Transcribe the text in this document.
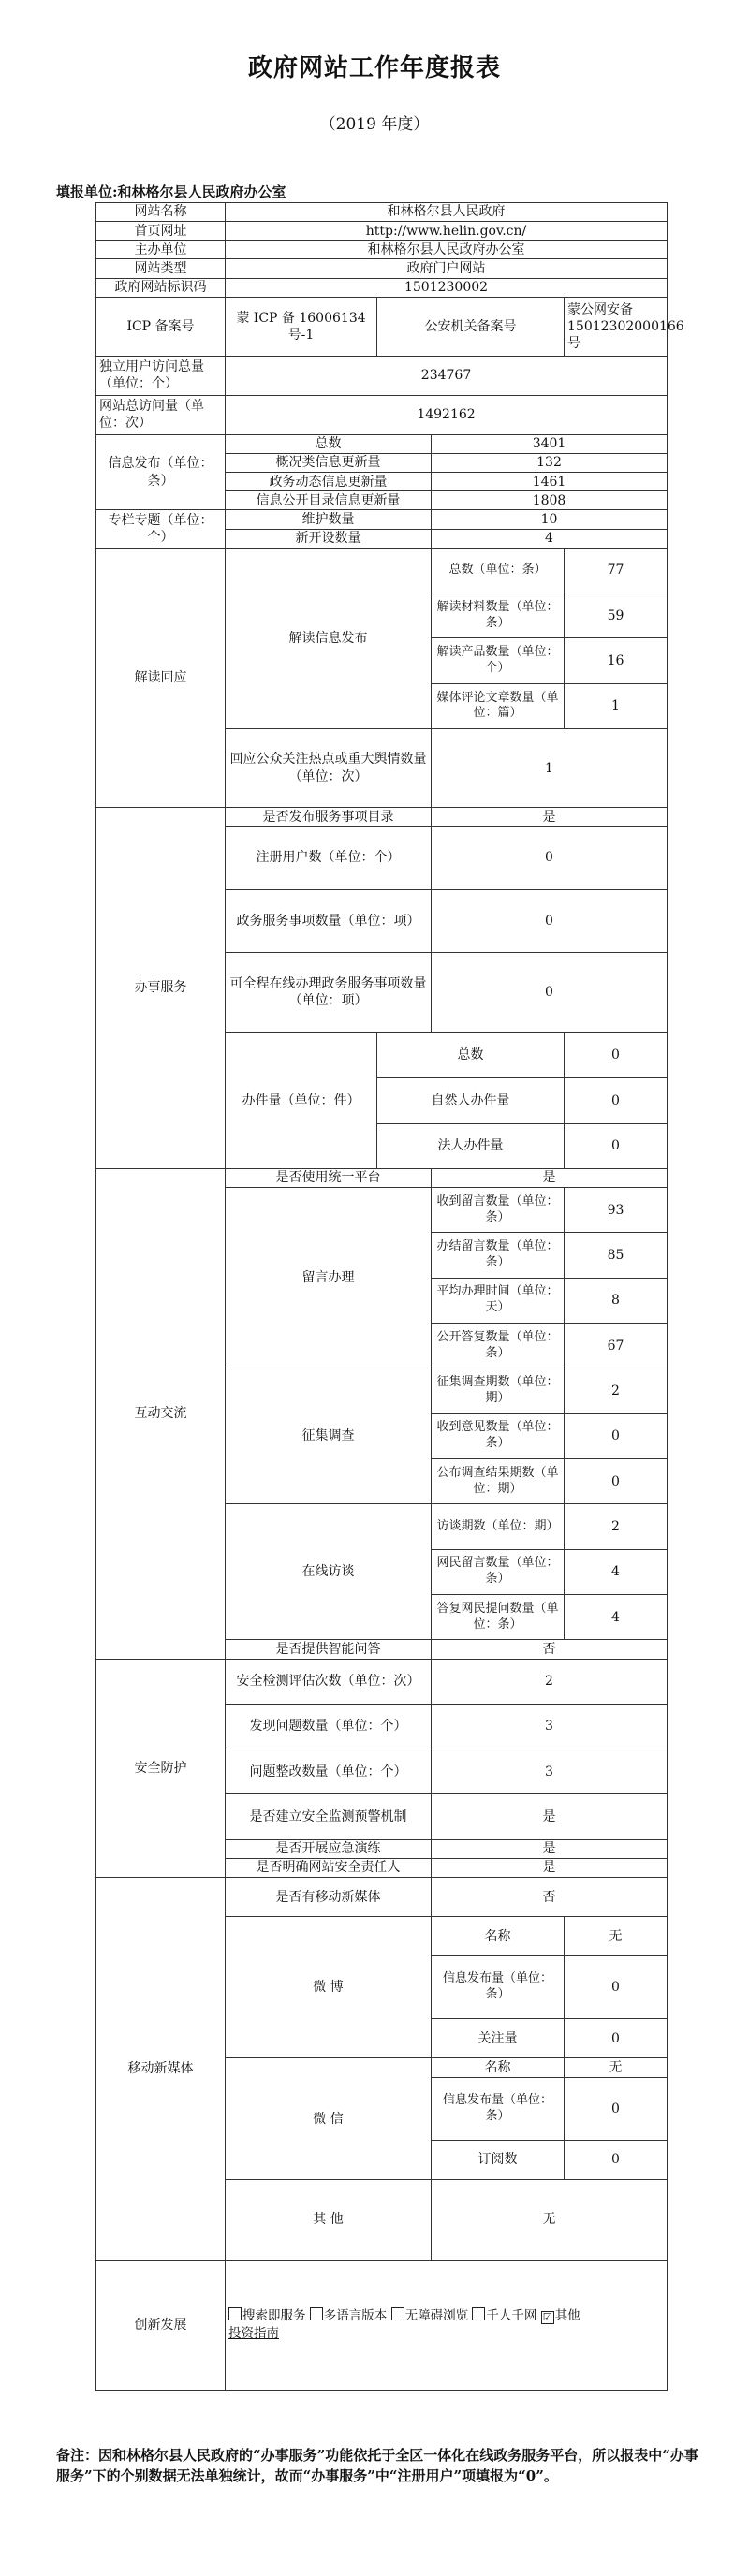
政府网站工作年度报表
（2019 年度）
填报单位:和林格尔县人民政府办公室
网站名称	和林格尔县人民政府			
首页网址	http://www.helin.gov.cn/			
主办单位	和林格尔县人民政府办公室			
网站类型	政府门户网站			
政府网站标识码	1501230002			
ICP 备案号	蒙 ICP 备 16006134 号-1	公安机关备案号		蒙公网安备 15012302000166 号
独立用户访问总量（单位：个）	234767			
网站总访问量（单位：次）	1492162			
信息发布（单位：条）	总数		3401	
	概况类信息更新量		132	
	政务动态信息更新量		1461	
	信息公开目录信息更新量		1808	
专栏专题（单位：个）	维护数量		10	
	新开设数量		4	
解读回应	解读信息发布		总数（单位：条）	77
			解读材料数量（单位：条）	59
			解读产品数量（单位：个）	16
			媒体评论文章数量（单位：篇）	1
	回应公众关注热点或重大舆情数量（单位：次）		1	
办事服务	是否发布服务事项目录		是	
	注册用户数（单位：个）		0	
	政务服务事项数量（单位：项）		0	
	可全程在线办理政务服务事项数量（单位：项）		0	
	办件量（单位：件）	总数		0
		自然人办件量		0
		法人办件量		0
互动交流	是否使用统一平台		是	
	留言办理		收到留言数量（单位：条）	93
			办结留言数量（单位：条）	85
			平均办理时间（单位：天）	8
			公开答复数量（单位：条）	67
	征集调查		征集调查期数（单位：期）	2
			收到意见数量（单位：条）	0
			公布调查结果期数（单位：期）	0
	在线访谈		访谈期数（单位：期）	2
			网民留言数量（单位：条）	4
			答复网民提问数量（单位：条）	4
	是否提供智能问答		否	
安全防护	安全检测评估次数（单位：次）		2	
	发现问题数量（单位：个）		3	
	问题整改数量（单位：个）		3	
	是否建立安全监测预警机制		是	
	是否开展应急演练		是	
	是否明确网站安全责任人		是	
移动新媒体	是否有移动新媒体		否	
	微 博		名称	无
			信息发布量（单位：条）	0
			关注量	0
	微 信		名称	无
			信息发布量（单位：条）	0
			订阅数	0
	其 他		无	
创新发展	搜索即服务 多语言版本 无障碍浏览 千人千网 ☑ 其他
投资指南			
备注：因和林格尔县人民政府的“办事服务”功能依托于全区一体化在线政务服务平台，所以报表中“办事服务”下的个别数据无法单独统计，故而“办事服务”中“注册用户”项填报为“0”。
